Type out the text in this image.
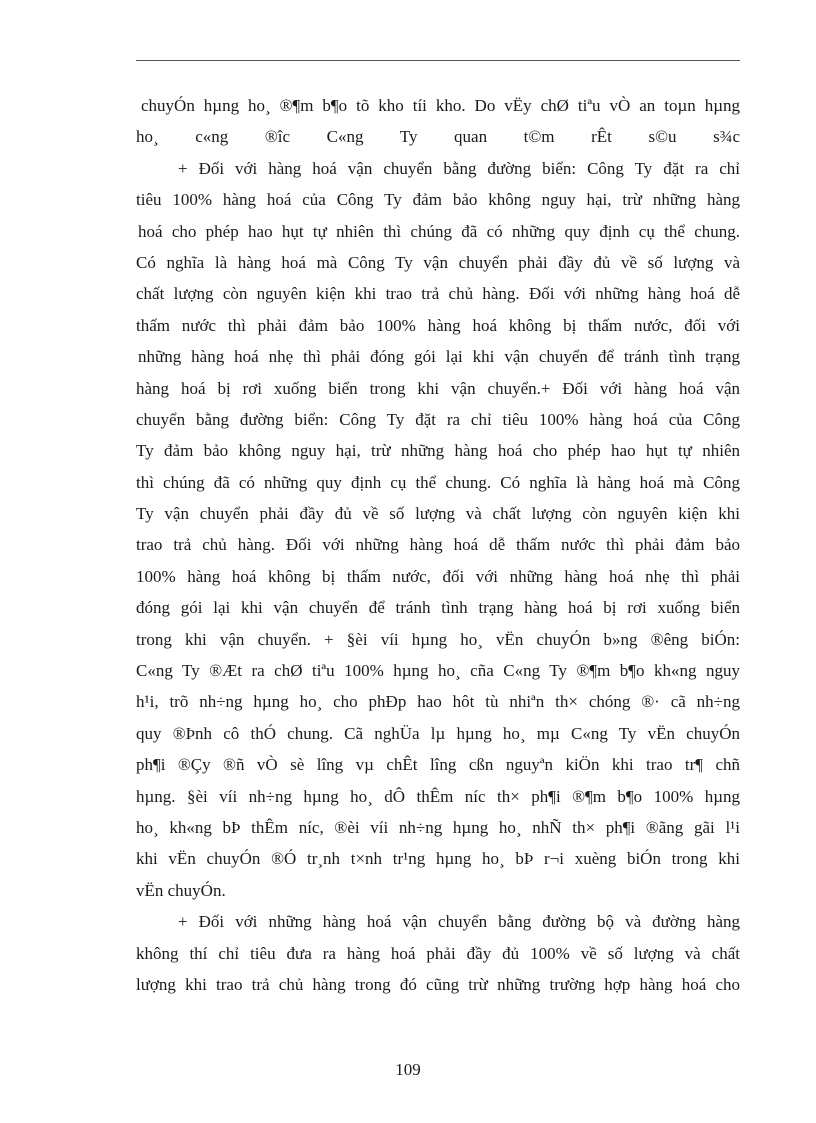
chuyÓn hµng ho¸ ®¶m b¶o tõ kho tíi kho. Do vËy chØ tiªu vÒ an toµn hµng
ho¸ c«ng ®îc C«ng Ty quan t©m rÊt s©u s¾c
+ Đối với hàng hoá vận chuyển bằng đường biển: Công Ty đặt ra chỉ
tiêu 100% hàng hoá của Công Ty đảm bảo không nguy hại, trừ những hàng
hoá cho phép hao hụt tự nhiên thì chúng đã có những quy định cụ thể chung.
Có nghĩa là hàng hoá mà Công Ty vận chuyển phải đầy đủ về số lượng và
chất lượng còn nguyên kiện khi trao trả chủ hàng. Đối với những hàng hoá dễ
thấm nước thì phải đảm bảo 100% hàng hoá không bị thấm nước, đối với
những hàng hoá nhẹ thì phải đóng gói lại khi vận chuyển để tránh tình trạng
hàng hoá bị rơi xuống biển trong khi vận chuyển.+ Đối với hàng hoá vận
chuyển bằng đường biển: Công Ty đặt ra chỉ tiêu 100% hàng hoá của Công
Ty đảm bảo không nguy hại, trừ những hàng hoá cho phép hao hụt tự nhiên
thì chúng đã có những quy định cụ thể chung. Có nghĩa là hàng hoá mà Công
Ty vận chuyển phải đầy đủ về số lượng và chất lượng còn nguyên kiện khi
trao trả chủ hàng. Đối với những hàng hoá dễ thấm nước thì phải đảm bảo
100% hàng hoá không bị thấm nước, đối với những hàng hoá nhẹ thì phải
đóng gói lại khi vận chuyển để tránh tình trạng hàng hoá bị rơi xuống biển
trong khi vận chuyển. + §èi víi hµng ho¸ vËn chuyÓn b»ng ®êng biÓn:
C«ng Ty ®Æt ra chØ tiªu 100% hµng ho¸ cña C«ng Ty ®¶m b¶o kh«ng nguy
h¹i, trõ nh÷ng hµng ho¸ cho phÐp hao hôt tù nhiªn th× chóng ®· cã nh÷ng
quy ®Þnh cô thÓ chung. Cã nghÜa lµ hµng ho¸ mµ C«ng Ty vËn chuyÓn
ph¶i ®Çy ®ñ vÒ sè lîng vµ chÊt lîng cßn nguyªn kiÖn khi trao tr¶ chñ
hµng. §èi víi nh÷ng hµng ho¸ dÔ thÊm níc th× ph¶i ®¶m b¶o 100% hµng
ho¸ kh«ng bÞ thÊm níc, ®èi víi nh÷ng hµng ho¸ nhÑ th× ph¶i ®ãng gãi l¹i
khi vËn chuyÓn ®Ó tr¸nh t×nh tr¹ng hµng ho¸ bÞ r¬i xuèng biÓn trong khi
vËn chuyÓn.
+ Đối với những hàng hoá vận chuyển bằng đường bộ và đường hàng
không thí chỉ tiêu đưa ra hàng hoá phải đầy đủ 100% về số lượng và chất
lượng khi trao trả chủ hàng trong đó cũng trừ những trường hợp hàng hoá cho
109
